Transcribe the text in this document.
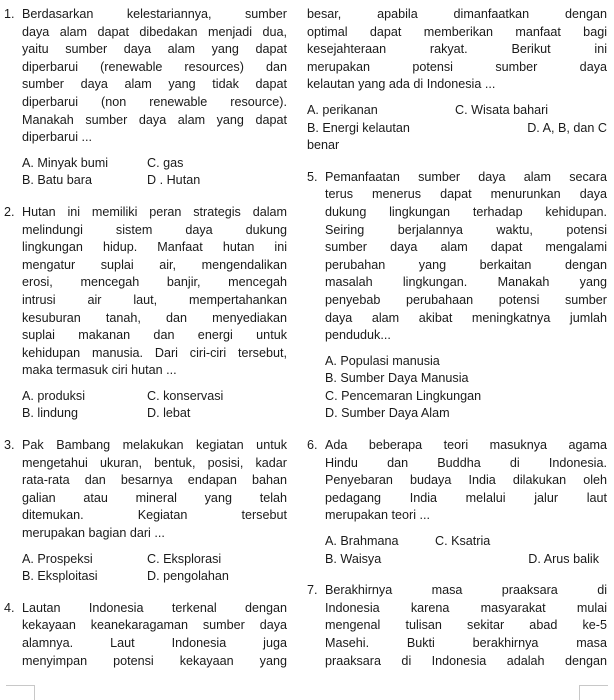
1. Berdasarkan kelestariannya, sumber
daya alam dapat dibedakan menjadi dua,
yaitu sumber daya alam yang dapat
diperbarui (renewable resources) dan
sumber daya alam yang tidak dapat
diperbarui (non renewable resource).
Manakah sumber daya alam yang dapat
diperbarui ...
A. Minyak bumi	C. gas
B. Batu bara	D . Hutan
2. Hutan ini memiliki peran strategis dalam
melindungi sistem daya dukung
lingkungan hidup. Manfaat hutan ini
mengatur suplai air, mengendalikan
erosi, mencegah banjir, mencegah
intrusi air laut, mempertahankan
kesuburan tanah, dan menyediakan
suplai makanan dan energi untuk
kehidupan manusia. Dari ciri-ciri tersebut,
maka termasuk ciri hutan ...
A. produksi	C. konservasi
B. lindung	D. lebat
3. Pak Bambang melakukan kegiatan untuk
mengetahui ukuran, bentuk, posisi, kadar
rata-rata dan besarnya endapan bahan
galian atau mineral yang telah
ditemukan. Kegiatan tersebut
merupakan bagian dari ...
A. Prospeksi	C. Eksplorasi
B. Eksploitasi	D. pengolahan
4. Lautan Indonesia terkenal dengan
kekayaan keanekaragaman sumber daya
alamnya. Laut Indonesia juga
menyimpan potensi kekayaan yang
besar, apabila dimanfaatkan dengan
optimal dapat memberikan manfaat bagi
kesejahteraan rakyat. Berikut ini
merupakan potensi sumber daya
kelautan yang ada di Indonesia ...
A. perikanan	C. Wisata bahari
B. Energi kelautan	D. A, B, dan C
benar
5. Pemanfaatan sumber daya alam secara
terus menerus dapat menurunkan daya
dukung lingkungan terhadap kehidupan.
Seiring berjalannya waktu, potensi
sumber daya alam dapat mengalami
perubahan yang berkaitan dengan
masalah lingkungan. Manakah yang
penyebab perubahaan potensi sumber
daya alam akibat meningkatnya jumlah
penduduk...
A. Populasi manusia
B. Sumber Daya Manusia
C. Pencemaran Lingkungan
D. Sumber Daya Alam
6. Ada beberapa teori masuknya agama
Hindu dan Buddha di Indonesia.
Penyebaran budaya India dilakukan oleh
pedagang India melalui jalur laut
merupakan teori ...
A. Brahmana	C. Ksatria
B. Waisya	D. Arus balik
7. Berakhirnya masa praaksara di
Indonesia karena masyarakat mulai
mengenal tulisan sekitar abad ke-5
Masehi. Bukti berakhirnya masa
praaksara di Indonesia adalah dengan
